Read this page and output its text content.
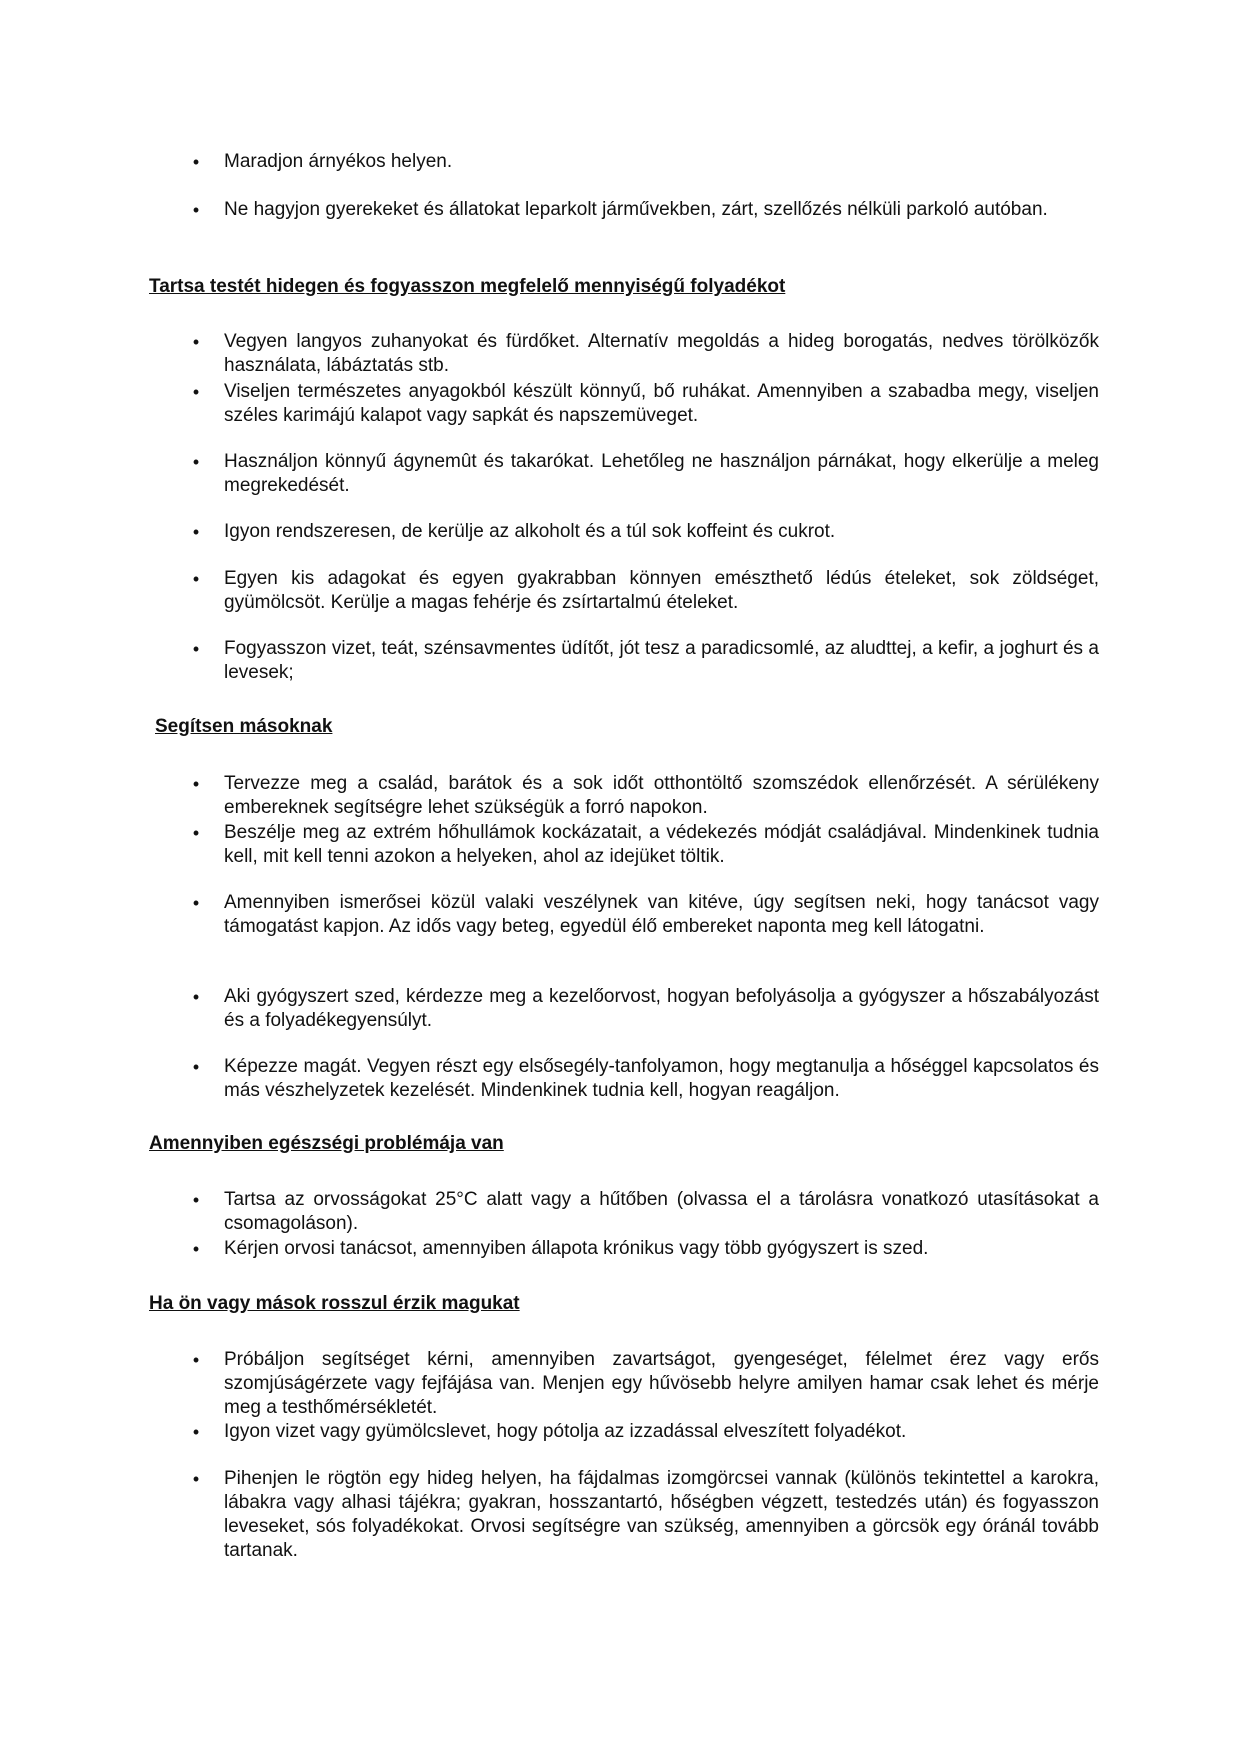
•	Maradjon árnyékos helyen.
•	Ne hagyjon gyerekeket és állatokat leparkolt járművekben, zárt, szellőzés nélküli parkoló autóban.
Tartsa testét hidegen és fogyasszon megfelelő mennyiségű folyadékot
•	Vegyen langyos zuhanyokat és fürdőket. Alternatív megoldás a hideg borogatás, nedves törölközők használata, lábáztatás stb.
•	Viseljen természetes anyagokból készült könnyű, bő ruhákat. Amennyiben a szabadba megy, viseljen széles karimájú kalapot vagy sapkát és napszemüveget.
•	Használjon könnyű ágynemût és takarókat. Lehetőleg ne használjon párnákat, hogy elkerülje a meleg megrekedését.
•	Igyon rendszeresen, de kerülje az alkoholt és a túl sok koffeint és cukrot.
•	Egyen kis adagokat és egyen gyakrabban könnyen emészthető lédús ételeket, sok zöldséget, gyümölcsöt. Kerülje a magas fehérje és zsírtartalmú ételeket.
•	Fogyasszon vizet, teát, szénsavmentes üdítőt, jót tesz a paradicsomlé, az aludttej, a kefir, a joghurt és a levesek;
Segítsen másoknak
•	Tervezze meg a család, barátok és a sok időt otthontöltő szomszédok ellenőrzését. A sérülékeny embereknek segítségre lehet szükségük a forró napokon.
•	Beszélje meg az extrém hőhullámok kockázatait, a védekezés módját családjával. Mindenkinek tudnia kell, mit kell tenni azokon a helyeken, ahol az idejüket töltik.
•	Amennyiben ismerősei közül valaki veszélynek van kitéve, úgy segítsen neki, hogy tanácsot vagy támogatást kapjon. Az idős vagy beteg, egyedül élő embereket naponta meg kell látogatni.
•	Aki gyógyszert szed, kérdezze meg a kezelőorvost, hogyan befolyásolja a gyógyszer a hőszabályozást és a folyadékegyensúlyt.
•	Képezze magát. Vegyen részt egy elsősegély-tanfolyamon, hogy megtanulja a hőséggel kapcsolatos és más vészhelyzetek kezelését. Mindenkinek tudnia kell, hogyan reagáljon.
Amennyiben egészségi problémája van
•	Tartsa az orvosságokat 25°C alatt vagy a hűtőben (olvassa el a tárolásra vonatkozó utasításokat a csomagoláson).
•	Kérjen orvosi tanácsot, amennyiben állapota krónikus vagy több gyógyszert is szed.
Ha ön vagy mások rosszul érzik magukat
•	Próbáljon segítséget kérni, amennyiben zavartságot, gyengeséget, félelmet érez vagy erős szomjúságérzete vagy fejfájása van. Menjen egy hűvösebb helyre amilyen hamar csak lehet és mérje meg a testhőmérsékletét.
•	Igyon vizet vagy gyümölcslevet, hogy pótolja az izzadással elveszített folyadékot.
•	Pihenjen le rögtön egy hideg helyen, ha fájdalmas izomgörcsei vannak (különös tekintettel a karokra, lábakra vagy alhasi tájékra; gyakran, hosszantartó, hőségben végzett, testedzés után) és fogyasszon leveseket, sós folyadékokat. Orvosi segítségre van szükség, amennyiben a görcsök egy óránál tovább tartanak.
